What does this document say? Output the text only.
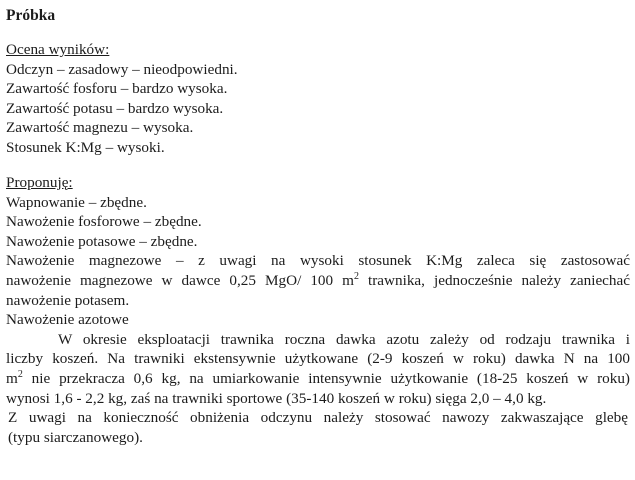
Próbka
Ocena wyników:
Odczyn – zasadowy – nieodpowiedni.
Zawartość fosforu – bardzo wysoka.
Zawartość potasu – bardzo wysoka.
Zawartość magnezu – wysoka.
Stosunek K:Mg – wysoki.
Proponuję:
Wapnowanie – zbędne.
Nawożenie fosforowe – zbędne.
Nawożenie potasowe – zbędne.
Nawożenie magnezowe – z uwagi na wysoki stosunek K:Mg zaleca się zastosować
nawożenie magnezowe w dawce 0,25 MgO/ 100 $m^2$ trawnika, jednocześnie należy zaniechać
nawożenie potasem.
Nawożenie azotowe
W okresie eksploatacji trawnika roczna dawka azotu zależy od rodzaju trawnika i
liczby koszeń. Na trawniki ekstensywnie użytkowane (2-9 koszeń w roku) dawka N na 100
$m^2$ nie przekracza 0,6 kg, na umiarkowanie intensywnie użytkowanie (18-25 koszeń w roku)
wynosi 1,6 - 2,2 kg, zaś na trawniki sportowe (35-140 koszeń w roku) sięga 2,0 – 4,0 kg.
Z uwagi na konieczność obniżenia odczynu należy stosować nawozy zakwaszające glebę
(typu siarczanowego).
